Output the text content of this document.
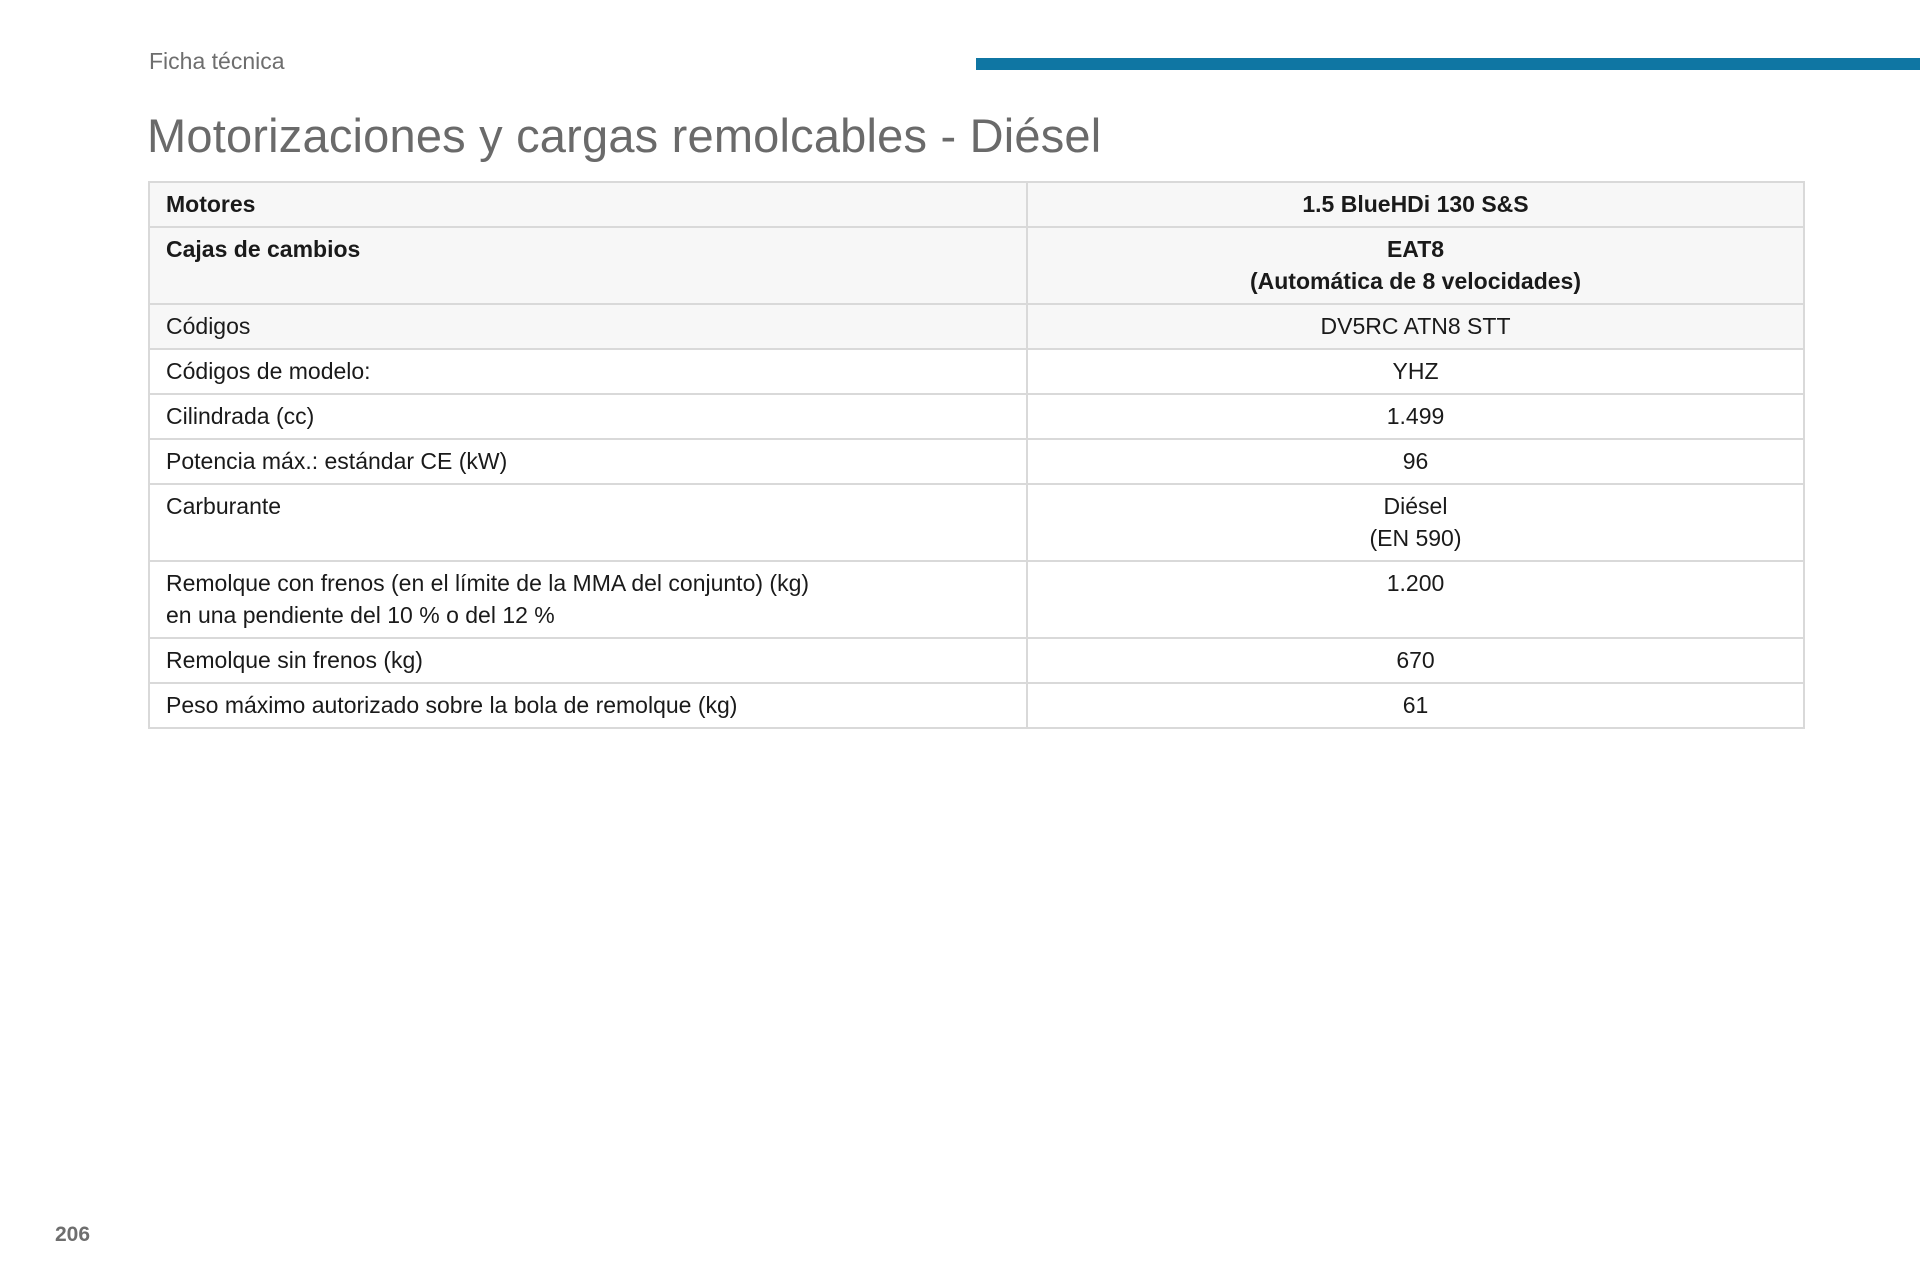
Ficha técnica
Motorizaciones y cargas remolcables - Diésel
Motores	1.5 BlueHDi 130 S&S

Cajas de cambios	EAT8
(Automática de 8 velocidades)

Códigos	DV5RC ATN8 STT

Códigos de modelo:	YHZ

Cilindrada (cc)	1.499

Potencia máx.: estándar CE (kW)	96

Carburante	Diésel
(EN 590)

Remolque con frenos (en el límite de la MMA del conjunto) (kg)
en una pendiente del 10 % o del 12 %	1.200

Remolque sin frenos (kg)	670

Peso máximo autorizado sobre la bola de remolque (kg)	61
206
